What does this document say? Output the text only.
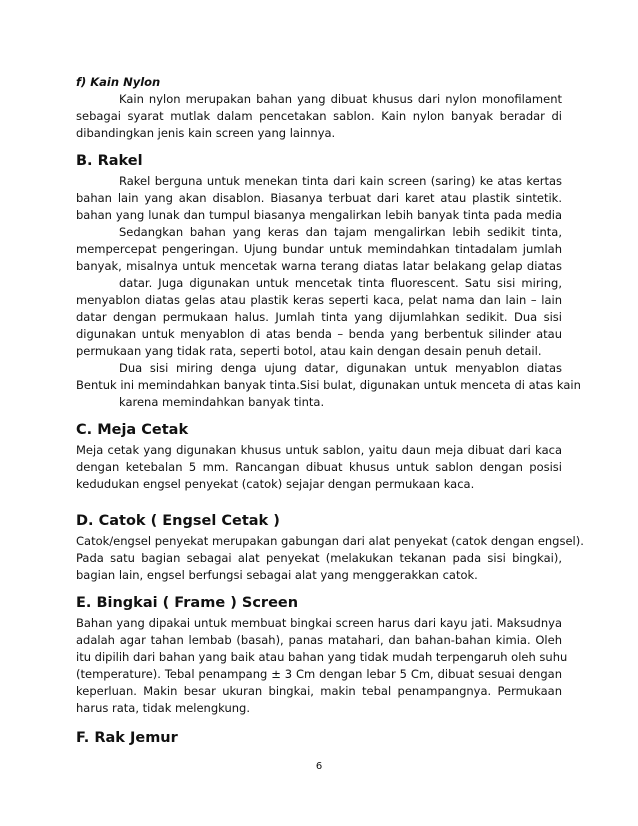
f) Kain Nylon
Kain nylon merupakan bahan yang dibuat khusus dari nylon monofilament
sebagai syarat mutlak dalam pencetakan sablon. Kain nylon banyak beradar di
dibandingkan jenis kain screen yang lainnya.
B. Rakel
Rakel berguna untuk menekan tinta dari kain screen (saring) ke atas kertas
bahan lain yang akan disablon. Biasanya terbuat dari karet atau plastik sintetik.
bahan yang lunak dan tumpul biasanya mengalirkan lebih banyak tinta pada media
Sedangkan bahan yang keras dan tajam mengalirkan lebih sedikit tinta,
mempercepat pengeringan. Ujung bundar untuk memindahkan tintadalam jumlah
banyak, misalnya untuk mencetak warna terang diatas latar belakang gelap diatas
datar. Juga digunakan untuk mencetak tinta fluorescent. Satu sisi miring,
menyablon diatas gelas atau plastik keras seperti kaca, pelat nama dan lain – lain
datar dengan permukaan halus. Jumlah tinta yang dijumlahkan sedikit. Dua sisi
digunakan untuk menyablon di atas benda – benda yang berbentuk silinder atau
permukaan yang tidak rata, seperti botol, atau kain dengan desain penuh detail.
Dua sisi miring denga ujung datar, digunakan untuk menyablon diatas
Bentuk ini memindahkan banyak tinta.Sisi bulat, digunakan untuk menceta di atas kain
karena memindahkan banyak tinta.
C. Meja Cetak
Meja cetak yang digunakan khusus untuk sablon, yaitu daun meja dibuat dari kaca
dengan ketebalan 5 mm. Rancangan dibuat khusus untuk sablon dengan posisi
kedudukan engsel penyekat (catok) sejajar dengan permukaan kaca.
D. Catok ( Engsel Cetak )
Catok/engsel penyekat merupakan gabungan dari alat penyekat (catok dengan engsel).
Pada satu bagian sebagai alat penyekat (melakukan tekanan pada sisi bingkai),
bagian lain, engsel berfungsi sebagai alat yang menggerakkan catok.
E. Bingkai ( Frame ) Screen
Bahan yang dipakai untuk membuat bingkai screen harus dari kayu jati. Maksudnya
adalah agar tahan lembab (basah), panas matahari, dan bahan-bahan kimia. Oleh
itu dipilih dari bahan yang baik atau bahan yang tidak mudah terpengaruh oleh suhu
(temperature). Tebal penampang ± 3 Cm dengan lebar 5 Cm, dibuat sesuai dengan
keperluan. Makin besar ukuran bingkai, makin tebal penampangnya. Permukaan
harus rata, tidak melengkung.
F. Rak Jemur
6
